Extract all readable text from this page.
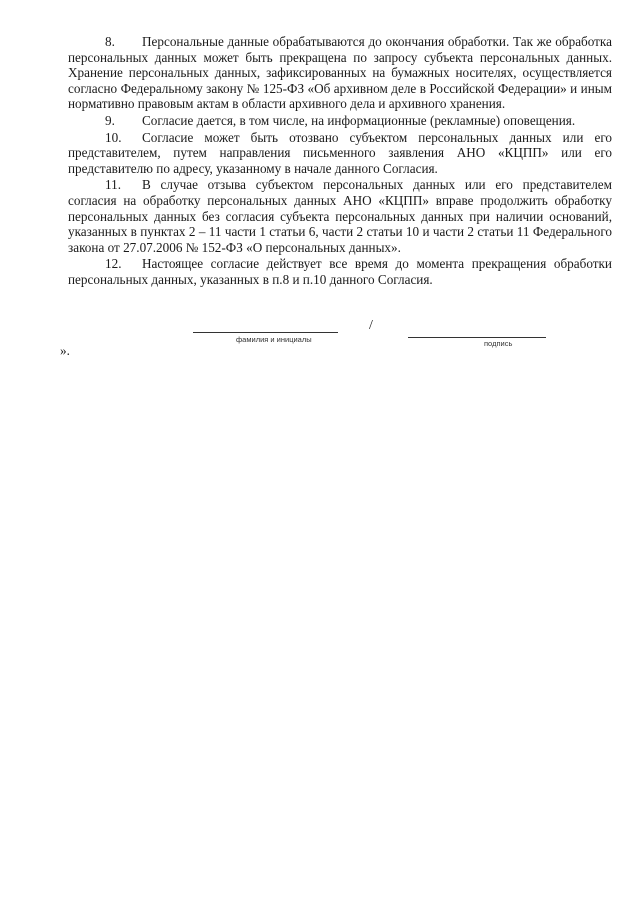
8. Персональные данные обрабатываются до окончания обработки. Так же обработка персональных данных может быть прекращена по запросу субъекта персональных данных. Хранение персональных данных, зафиксированных на бумажных носителях, осуществляется согласно Федеральному закону № 125-ФЗ «Об архивном деле в Российской Федерации» и иным нормативно правовым актам в области архивного дела и архивного хранения.

9. Согласие дается, в том числе, на информационные (рекламные) оповещения.

10. Согласие может быть отозвано субъектом персональных данных или его представителем, путем направления письменного заявления АНО «КЦПП» или его представителю по адресу, указанному в начале данного Согласия.

11. В случае отзыва субъектом персональных данных или его представителем согласия на обработку персональных данных АНО «КЦПП» вправе продолжить обработку персональных данных без согласия субъекта персональных данных при наличии оснований, указанных в пунктах 2 – 11 части 1 статьи 6, части 2 статьи 10 и части 2 статьи 11 Федерального закона от 27.07.2006 № 152-ФЗ «О персональных данных».

12. Настоящее согласие действует все время до момента прекращения обработки персональных данных, указанных в п.8 и п.10 данного Согласия.

/
фамилия и инициалы	подпись
».
